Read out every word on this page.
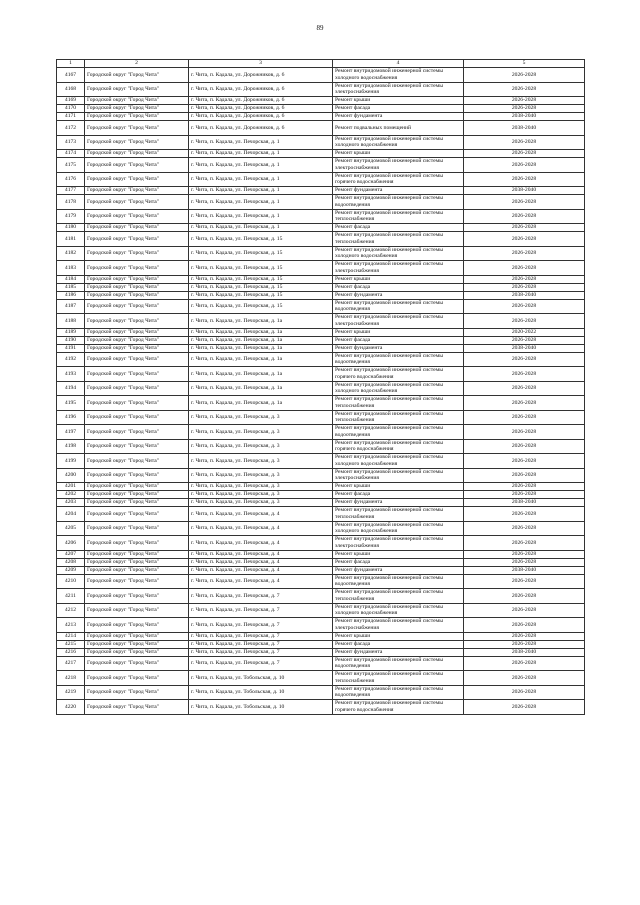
89
1	2	3	4	5
4167	Городской округ "Город Чита"	г. Чита, п. Кадала, ул. Дорожников, д. 6	Ремонт внутридомовой инженерной системы холодного водоснабжения	2026-2028
4168	Городской округ "Город Чита"	г. Чита, п. Кадала, ул. Дорожников, д. 6	Ремонт внутридомовой инженерной системы электроснабжения	2026-2028
4169	Городской округ "Город Чита"	г. Чита, п. Кадала, ул. Дорожников, д. 6	Ремонт крыши	2026-2028
4170	Городской округ "Город Чита"	г. Чита, п. Кадала, ул. Дорожников, д. 6	Ремонт фасада	2026-2028
4171	Городской округ "Город Чита"	г. Чита, п. Кадала, ул. Дорожников, д. 6	Ремонт фундамента	2038-2040
4172	Городской округ "Город Чита"	г. Чита, п. Кадала, ул. Дорожников, д. 6	Ремонт подвальных помещений	2038-2040
4173	Городской округ "Город Чита"	г. Чита, п. Кадала, ул. Печорская, д. 1	Ремонт внутридомовой инженерной системы холодного водоснабжения	2026-2028
4174	Городской округ "Город Чита"	г. Чита, п. Кадала, ул. Печорская, д. 1	Ремонт крыши	2026-2028
4175	Городской округ "Город Чита"	г. Чита, п. Кадала, ул. Печорская, д. 1	Ремонт внутридомовой инженерной системы электроснабжения	2026-2028
4176	Городской округ "Город Чита"	г. Чита, п. Кадала, ул. Печорская, д. 1	Ремонт внутридомовой инженерной системы горячего водоснабжения	2026-2028
4177	Городской округ "Город Чита"	г. Чита, п. Кадала, ул. Печорская, д. 1	Ремонт фундамента	2038-2040
4178	Городской округ "Город Чита"	г. Чита, п. Кадала, ул. Печорская, д. 1	Ремонт внутридомовой инженерной системы водоотведения	2026-2028
4179	Городской округ "Город Чита"	г. Чита, п. Кадала, ул. Печорская, д. 1	Ремонт внутридомовой инженерной системы теплоснабжения	2026-2028
4180	Городской округ "Город Чита"	г. Чита, п. Кадала, ул. Печорская, д. 1	Ремонт фасада	2026-2028
4181	Городской округ "Город Чита"	г. Чита, п. Кадала, ул. Печорская, д. 15	Ремонт внутридомовой инженерной системы теплоснабжения	2026-2028
4182	Городской округ "Город Чита"	г. Чита, п. Кадала, ул. Печорская, д. 15	Ремонт внутридомовой инженерной системы холодного водоснабжения	2026-2028
4183	Городской округ "Город Чита"	г. Чита, п. Кадала, ул. Печорская, д. 15	Ремонт внутридомовой инженерной системы электроснабжения	2026-2028
4184	Городской округ "Город Чита"	г. Чита, п. Кадала, ул. Печорская, д. 15	Ремонт крыши	2026-2028
4185	Городской округ "Город Чита"	г. Чита, п. Кадала, ул. Печорская, д. 15	Ремонт фасада	2026-2028
4186	Городской округ "Город Чита"	г. Чита, п. Кадала, ул. Печорская, д. 15	Ремонт фундамента	2038-2040
4187	Городской округ "Город Чита"	г. Чита, п. Кадала, ул. Печорская, д. 15	Ремонт внутридомовой инженерной системы водоотведения	2026-2028
4188	Городской округ "Город Чита"	г. Чита, п. Кадала, ул. Печорская, д. 1а	Ремонт внутридомовой инженерной системы электроснабжения	2026-2028
4189	Городской округ "Город Чита"	г. Чита, п. Кадала, ул. Печорская, д. 1а	Ремонт крыши	2020-2022
4190	Городской округ "Город Чита"	г. Чита, п. Кадала, ул. Печорская, д. 1а	Ремонт фасада	2026-2028
4191	Городской округ "Город Чита"	г. Чита, п. Кадала, ул. Печорская, д. 1а	Ремонт фундамента	2038-2040
4192	Городской округ "Город Чита"	г. Чита, п. Кадала, ул. Печорская, д. 1а	Ремонт внутридомовой инженерной системы водоотведения	2026-2028
4193	Городской округ "Город Чита"	г. Чита, п. Кадала, ул. Печорская, д. 1а	Ремонт внутридомовой инженерной системы горячего водоснабжения	2026-2028
4194	Городской округ "Город Чита"	г. Чита, п. Кадала, ул. Печорская, д. 1а	Ремонт внутридомовой инженерной системы холодного водоснабжения	2026-2028
4195	Городской округ "Город Чита"	г. Чита, п. Кадала, ул. Печорская, д. 1а	Ремонт внутридомовой инженерной системы теплоснабжения	2026-2028
4196	Городской округ "Город Чита"	г. Чита, п. Кадала, ул. Печорская, д. 3	Ремонт внутридомовой инженерной системы теплоснабжения	2026-2028
4197	Городской округ "Город Чита"	г. Чита, п. Кадала, ул. Печорская, д. 3	Ремонт внутридомовой инженерной системы водоотведения	2026-2028
4198	Городской округ "Город Чита"	г. Чита, п. Кадала, ул. Печорская, д. 3	Ремонт внутридомовой инженерной системы горячего водоснабжения	2026-2028
4199	Городской округ "Город Чита"	г. Чита, п. Кадала, ул. Печорская, д. 3	Ремонт внутридомовой инженерной системы холодного водоснабжения	2026-2028
4200	Городской округ "Город Чита"	г. Чита, п. Кадала, ул. Печорская, д. 3	Ремонт внутридомовой инженерной системы электроснабжения	2026-2028
4201	Городской округ "Город Чита"	г. Чита, п. Кадала, ул. Печорская, д. 3	Ремонт крыши	2026-2028
4202	Городской округ "Город Чита"	г. Чита, п. Кадала, ул. Печорская, д. 3	Ремонт фасада	2026-2028
4203	Городской округ "Город Чита"	г. Чита, п. Кадала, ул. Печорская, д. 3	Ремонт фундамента	2038-2040
4204	Городской округ "Город Чита"	г. Чита, п. Кадала, ул. Печорская, д. 4	Ремонт внутридомовой инженерной системы теплоснабжения	2026-2028
4205	Городской округ "Город Чита"	г. Чита, п. Кадала, ул. Печорская, д. 4	Ремонт внутридомовой инженерной системы холодного водоснабжения	2026-2028
4206	Городской округ "Город Чита"	г. Чита, п. Кадала, ул. Печорская, д. 4	Ремонт внутридомовой инженерной системы электроснабжения	2026-2028
4207	Городской округ "Город Чита"	г. Чита, п. Кадала, ул. Печорская, д. 4	Ремонт крыши	2026-2028
4208	Городской округ "Город Чита"	г. Чита, п. Кадала, ул. Печорская, д. 4	Ремонт фасада	2026-2028
4209	Городской округ "Город Чита"	г. Чита, п. Кадала, ул. Печорская, д. 4	Ремонт фундамента	2038-2040
4210	Городской округ "Город Чита"	г. Чита, п. Кадала, ул. Печорская, д. 4	Ремонт внутридомовой инженерной системы водоотведения	2026-2028
4211	Городской округ "Город Чита"	г. Чита, п. Кадала, ул. Печорская, д. 7	Ремонт внутридомовой инженерной системы теплоснабжения	2026-2028
4212	Городской округ "Город Чита"	г. Чита, п. Кадала, ул. Печорская, д. 7	Ремонт внутридомовой инженерной системы холодного водоснабжения	2026-2028
4213	Городской округ "Город Чита"	г. Чита, п. Кадала, ул. Печорская, д. 7	Ремонт внутридомовой инженерной системы электроснабжения	2026-2028
4214	Городской округ "Город Чита"	г. Чита, п. Кадала, ул. Печорская, д. 7	Ремонт крыши	2026-2028
4215	Городской округ "Город Чита"	г. Чита, п. Кадала, ул. Печорская, д. 7	Ремонт фасада	2026-2028
4216	Городской округ "Город Чита"	г. Чита, п. Кадала, ул. Печорская, д. 7	Ремонт фундамента	2038-2040
4217	Городской округ "Город Чита"	г. Чита, п. Кадала, ул. Печорская, д. 7	Ремонт внутридомовой инженерной системы водоотведения	2026-2028
4218	Городской округ "Город Чита"	г. Чита, п. Кадала, ул. Тобольская, д. 10	Ремонт внутридомовой инженерной системы теплоснабжения	2026-2028
4219	Городской округ "Город Чита"	г. Чита, п. Кадала, ул. Тобольская, д. 10	Ремонт внутридомовой инженерной системы водоотведения	2026-2028
4220	Городской округ "Город Чита"	г. Чита, п. Кадала, ул. Тобольская, д. 10	Ремонт внутридомовой инженерной системы горячего водоснабжения	2026-2028
